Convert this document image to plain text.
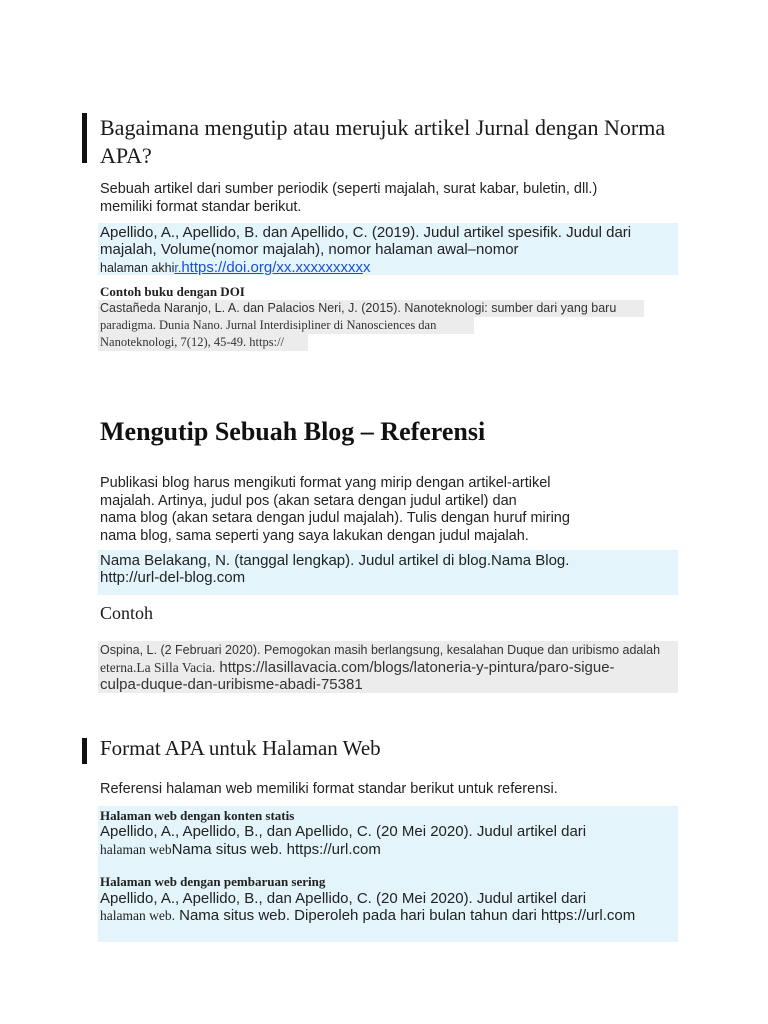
Bagaimana mengutip atau merujuk artikel Jurnal dengan Norma
APA?
Sebuah artikel dari sumber periodik (seperti majalah, surat kabar, buletin, dll.)
memiliki format standar berikut.
Apellido, A., Apellido, B. dan Apellido, C. (2019). Judul artikel spesifik. Judul dari
majalah, Volume(nomor majalah), nomor halaman awal–nomor
halaman akhir.https://doi.org/xx.xxxxxxxxxx
Contoh buku dengan DOI
Castañeda Naranjo, L. A. dan Palacios Neri, J. (2015). Nanoteknologi: sumber dari yang baru
paradigma. Dunia Nano. Jurnal Interdisipliner di Nanosciences dan
Nanoteknologi, 7(12), 45-49. https://
Mengutip Sebuah Blog – Referensi
Publikasi blog harus mengikuti format yang mirip dengan artikel-artikel
majalah. Artinya, judul pos (akan setara dengan judul artikel) dan
nama blog (akan setara dengan judul majalah). Tulis dengan huruf miring
nama blog, sama seperti yang saya lakukan dengan judul majalah.
Nama Belakang, N. (tanggal lengkap). Judul artikel di blog.Nama Blog.
http://url-del-blog.com
Contoh
Ospina, L. (2 Februari 2020). Pemogokan masih berlangsung, kesalahan Duque dan uribismo adalah
eterna.La Silla Vacia. https://lasillavacia.com/blogs/latoneria-y-pintura/paro-sigue-
culpa-duque-dan-uribisme-abadi-75381
Format APA untuk Halaman Web
Referensi halaman web memiliki format standar berikut untuk referensi.
Halaman web dengan konten statis
Apellido, A., Apellido, B., dan Apellido, C. (20 Mei 2020). Judul artikel dari
halaman webNama situs web. https://url.com
Halaman web dengan pembaruan sering
Apellido, A., Apellido, B., dan Apellido, C. (20 Mei 2020). Judul artikel dari
halaman web. Nama situs web. Diperoleh pada hari bulan tahun dari https://url.com
